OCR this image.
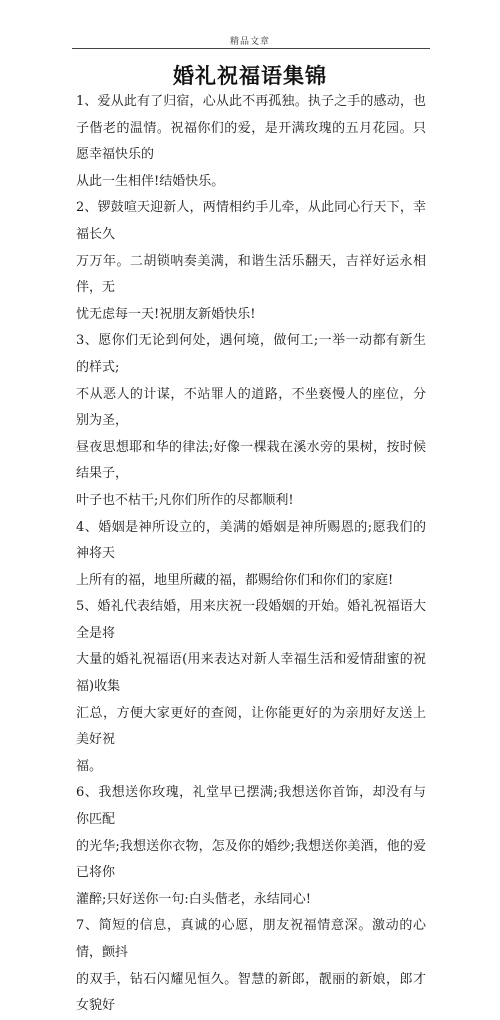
精品文章
婚礼祝福语集锦

1、爱从此有了归宿，心从此不再孤独。执子之手的感动，也子偕老的温情。祝福你们的爱，是开满玫瑰的五月花园。只愿幸福快乐的
从此一生相伴!结婚快乐。

2、锣鼓喧天迎新人，两情相约手儿牵，从此同心行天下，幸福长久
万万年。二胡锁呐奏美满，和谐生活乐翻天，吉祥好运永相伴，无
忧无虑每一天!祝朋友新婚快乐!

3、愿你们无论到何处，遇何境，做何工;一举一动都有新生的样式;
不从恶人的计谋，不站罪人的道路，不坐亵慢人的座位，分别为圣，
昼夜思想耶和华的律法;好像一棵栽在溪水旁的果树，按时候结果子，
叶子也不枯干;凡你们所作的尽都顺利!

4、婚姻是神所设立的，美满的婚姻是神所赐恩的;愿我们的神将天
上所有的福，地里所藏的福，都赐给你们和你们的家庭!

5、婚礼代表结婚，用来庆祝一段婚姻的开始。婚礼祝福语大全是将
大量的婚礼祝福语(用来表达对新人幸福生活和爱情甜蜜的祝福)收集
汇总，方便大家更好的查阅，让你能更好的为亲朋好友送上美好祝
福。

6、我想送你玫瑰，礼堂早已摆满;我想送你首饰，却没有与你匹配
的光华;我想送你衣物，怎及你的婚纱;我想送你美酒，他的爱已将你
灌醉;只好送你一句:白头偕老，永结同心!

7、简短的信息，真诚的心愿，朋友祝福情意深。激动的心情，颤抖
的双手，钻石闪耀见恒久。智慧的新郎，靓丽的新娘，郎才女貌好
